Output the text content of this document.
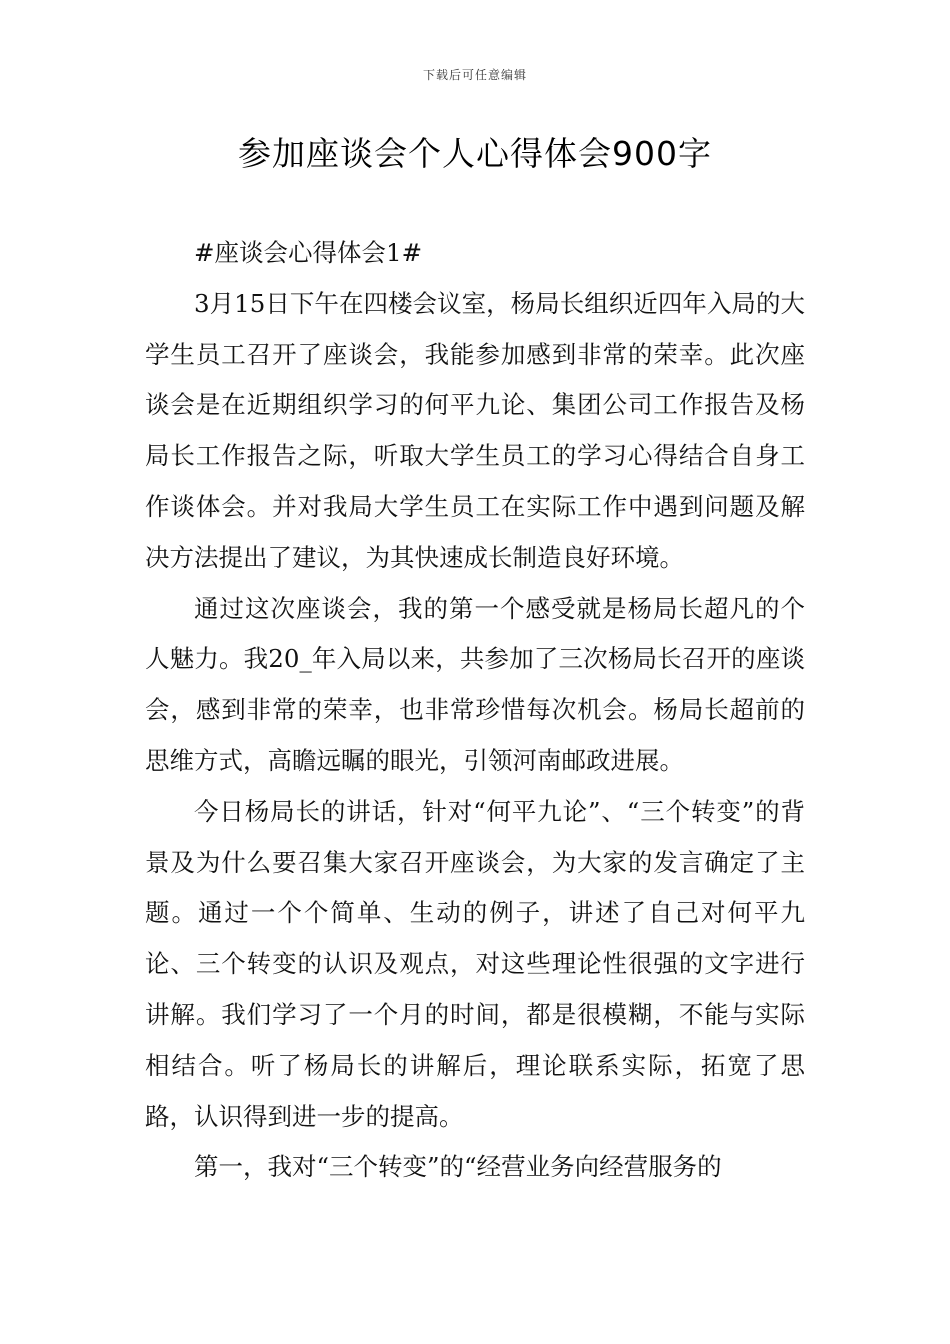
下载后可任意编辑
参加座谈会个人心得体会900字

#座谈会心得体会1#

3月15日下午在四楼会议室，杨局长组织近四年入局的大学生员工召开了座谈会，我能参加感到非常的荣幸。此次座谈会是在近期组织学习的何平九论、集团公司工作报告及杨局长工作报告之际，听取大学生员工的学习心得结合自身工作谈体会。并对我局大学生员工在实际工作中遇到问题及解决方法提出了建议，为其快速成长制造良好环境。

通过这次座谈会，我的第一个感受就是杨局长超凡的个人魅力。我20_年入局以来，共参加了三次杨局长召开的座谈会，感到非常的荣幸，也非常珍惜每次机会。杨局长超前的思维方式，高瞻远瞩的眼光，引领河南邮政进展。

今日杨局长的讲话，针对“何平九论”、“三个转变”的背景及为什么要召集大家召开座谈会，为大家的发言确定了主题。通过一个个简单、生动的例子，讲述了自己对何平九论、三个转变的认识及观点，对这些理论性很强的文字进行讲解。我们学习了一个月的时间，都是很模糊，不能与实际相结合。听了杨局长的讲解后，理论联系实际，拓宽了思路，认识得到进一步的提高。

第一，我对“三个转变”的“经营业务向经营服务的
